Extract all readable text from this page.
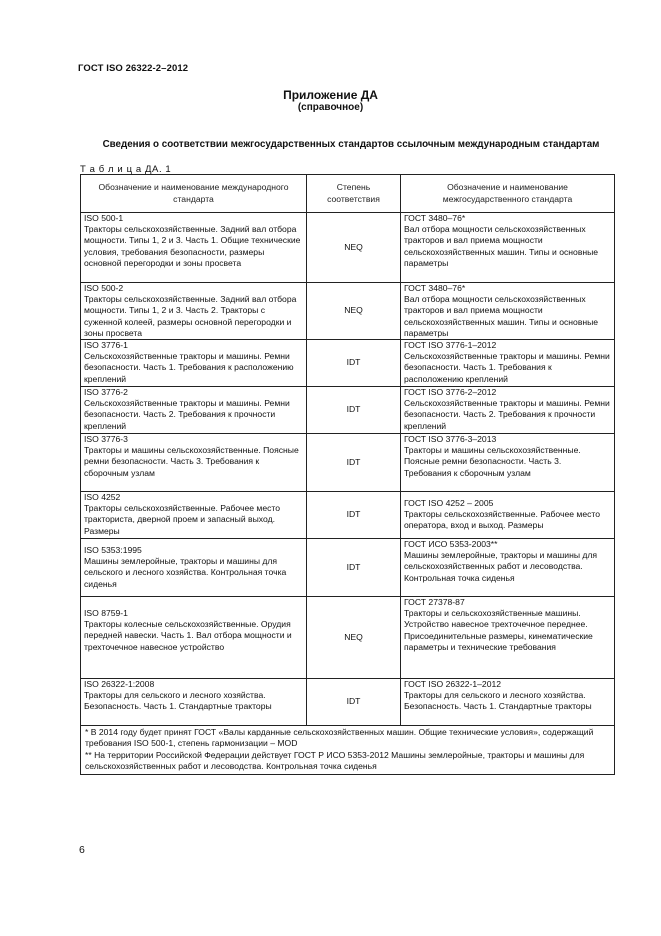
ГОСТ ISO 26322-2–2012
Приложение ДА
(справочное)
Сведения о соответствии межгосударственных стандартов ссылочным международным стандартам
Т а б л и ц а ДА. 1
Обозначение и наименование международного стандарта	Степень соответствия	Обозначение и наименование межгосударственного стандарта

ISO 500-1
Тракторы сельскохозяйственные. Задний вал отбора мощности. Типы 1, 2 и 3. Часть 1. Общие технические условия, требования безопасности, размеры основной перегородки и зоны просвета	NEQ	ГОСТ 3480–76*
Вал отбора мощности сельскохозяйственных тракторов и вал приема мощности сельскохозяйственных машин. Типы и основные параметры

ISO 500-2
Тракторы сельскохозяйственные. Задний вал отбора мощности. Типы 1, 2 и 3. Часть 2. Тракторы с суженной колеей, размеры основной перегородки и зоны просвета	NEQ	ГОСТ 3480–76*
Вал отбора мощности сельскохозяйственных тракторов и вал приема мощности сельскохозяйственных машин. Типы и основные параметры

ISO 3776-1
Сельскохозяйственные тракторы и машины. Ремни безопасности. Часть 1. Требования к расположению креплений	IDT	ГОСТ ISO 3776-1–2012
Сельскохозяйственные тракторы и машины. Ремни безопасности. Часть 1. Требования к расположению креплений

ISO 3776-2
Сельскохозяйственные тракторы и машины. Ремни безопасности. Часть 2. Требования к прочности креплений	IDT	ГОСТ ISO 3776-2–2012
Сельскохозяйственные тракторы и машины. Ремни безопасности. Часть 2. Требования к прочности креплений

ISO 3776-3
Тракторы и машины сельскохозяйственные. Поясные ремни безопасности. Часть 3. Требования к сборочным узлам	IDT	ГОСТ ISO 3776-3–2013
Тракторы и машины сельскохозяйственные. Поясные ремни безопасности. Часть 3. Требования к сборочным узлам

ISO 4252
Тракторы сельскохозяйственные. Рабочее место тракториста, дверной проем и запасный выход. Размеры	IDT	ГОСТ ISO 4252 – 2005
Тракторы сельскохозяйственные. Рабочее место оператора, вход и выход. Размеры

ISO 5353:1995
Машины землеройные, тракторы и машины для сельского и лесного хозяйства. Контрольная точка сиденья	IDT	ГОСТ ИСО 5353-2003**
Машины землеройные, тракторы и машины для сельскохозяйственных работ и лесоводства. Контрольная точка сиденья

ISO 8759-1
Тракторы колесные сельскохозяйственные. Орудия передней навески. Часть 1. Вал отбора мощности и трехточечное навесное устройство	NEQ	ГОСТ 27378-87
Тракторы и сельскохозяйственные машины. Устройство навесное трехточечное переднее. Присоединительные размеры, кинематические параметры и технические требования

ISO 26322-1:2008
Тракторы для сельского и лесного хозяйства. Безопасность. Часть 1. Стандартные тракторы	IDT	ГОСТ ISO 26322-1–2012
Тракторы для сельского и лесного хозяйства. Безопасность. Часть 1. Стандартные тракторы

* В 2014 году будет принят ГОСТ «Валы карданные сельскохозяйственных машин. Общие технические условия», содержащий требования ISO 500-1, степень гармонизации – MOD
** На территории Российской Федерации действует ГОСТ Р ИСО 5353-2012 Машины землеройные, тракторы и машины для сельскохозяйственных работ и лесоводства. Контрольная точка сиденья		
6
